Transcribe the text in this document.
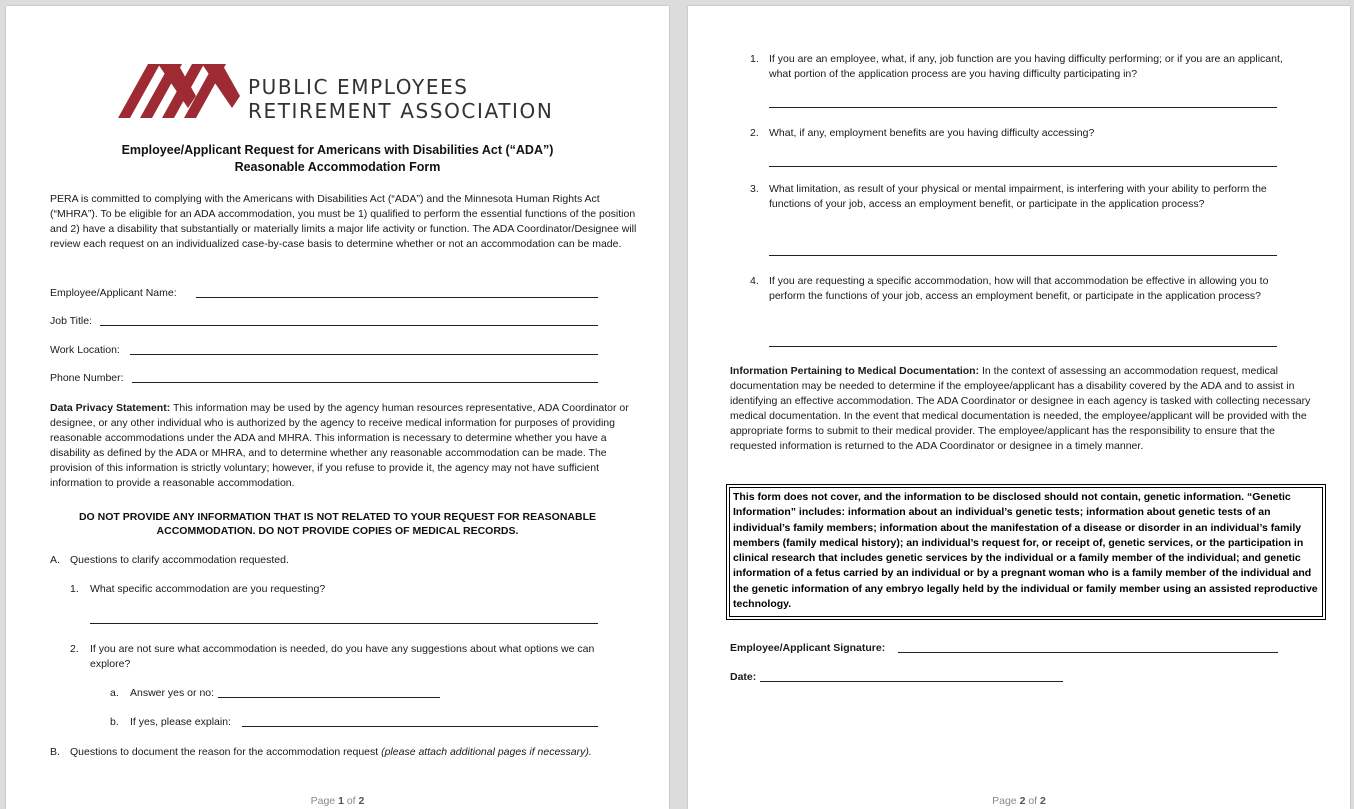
PUBLIC EMPLOYEES
RETIREMENT ASSOCIATION
Employee/Applicant Request for Americans with Disabilities Act (“ADA”)
Reasonable Accommodation Form
PERA is committed to complying with the Americans with Disabilities Act (“ADA”) and the Minnesota Human Rights Act (“MHRA”). To be eligible for an ADA accommodation, you must be 1) qualified to perform the essential functions of the position and 2) have a disability that substantially or materially limits a major life activity or function. The ADA Coordinator/Designee will review each request on an individualized case-by-case basis to determine whether or not an accommodation can be made.
Employee/Applicant Name:
Job Title:
Work Location:
Phone Number:
Data Privacy Statement: This information may be used by the agency human resources representative, ADA Coordinator or designee, or any other individual who is authorized by the agency to receive medical information for purposes of providing reasonable accommodations under the ADA and MHRA. This information is necessary to determine whether you have a disability as defined by the ADA or MHRA, and to determine whether any reasonable accommodation can be made. The provision of this information is strictly voluntary; however, if you refuse to provide it, the agency may not have sufficient information to provide a reasonable accommodation.
DO NOT PROVIDE ANY INFORMATION THAT IS NOT RELATED TO YOUR REQUEST FOR REASONABLE
ACCOMMODATION. DO NOT PROVIDE COPIES OF MEDICAL RECORDS.
A. Questions to clarify accommodation requested.
1. What specific accommodation are you requesting?
2. If you are not sure what accommodation is needed, do you have any suggestions about what options we can explore?
a. Answer yes or no:
b. If yes, please explain:
B. Questions to document the reason for the accommodation request (please attach additional pages if necessary).
Page 1 of 2
1. If you are an employee, what, if any, job function are you having difficulty performing; or if you are an applicant, what portion of the application process are you having difficulty participating in?
2. What, if any, employment benefits are you having difficulty accessing?
3. What limitation, as result of your physical or mental impairment, is interfering with your ability to perform the functions of your job, access an employment benefit, or participate in the application process?
4. If you are requesting a specific accommodation, how will that accommodation be effective in allowing you to perform the functions of your job, access an employment benefit, or participate in the application process?
Information Pertaining to Medical Documentation: In the context of assessing an accommodation request, medical documentation may be needed to determine if the employee/applicant has a disability covered by the ADA and to assist in identifying an effective accommodation. The ADA Coordinator or designee in each agency is tasked with collecting necessary medical documentation. In the event that medical documentation is needed, the employee/applicant will be provided with the appropriate forms to submit to their medical provider. The employee/applicant has the responsibility to ensure that the requested information is returned to the ADA Coordinator or designee in a timely manner.
This form does not cover, and the information to be disclosed should not contain, genetic information. “Genetic Information” includes: information about an individual’s genetic tests; information about genetic tests of an individual’s family members; information about the manifestation of a disease or disorder in an individual’s family members (family medical history); an individual’s request for, or receipt of, genetic services, or the participation in clinical research that includes genetic services by the individual or a family member of the individual; and genetic information of a fetus carried by an individual or by a pregnant woman who is a family member of the individual and the genetic information of any embryo legally held by the individual or family member using an assisted reproductive technology.
Employee/Applicant Signature:
Date:
Page 2 of 2
